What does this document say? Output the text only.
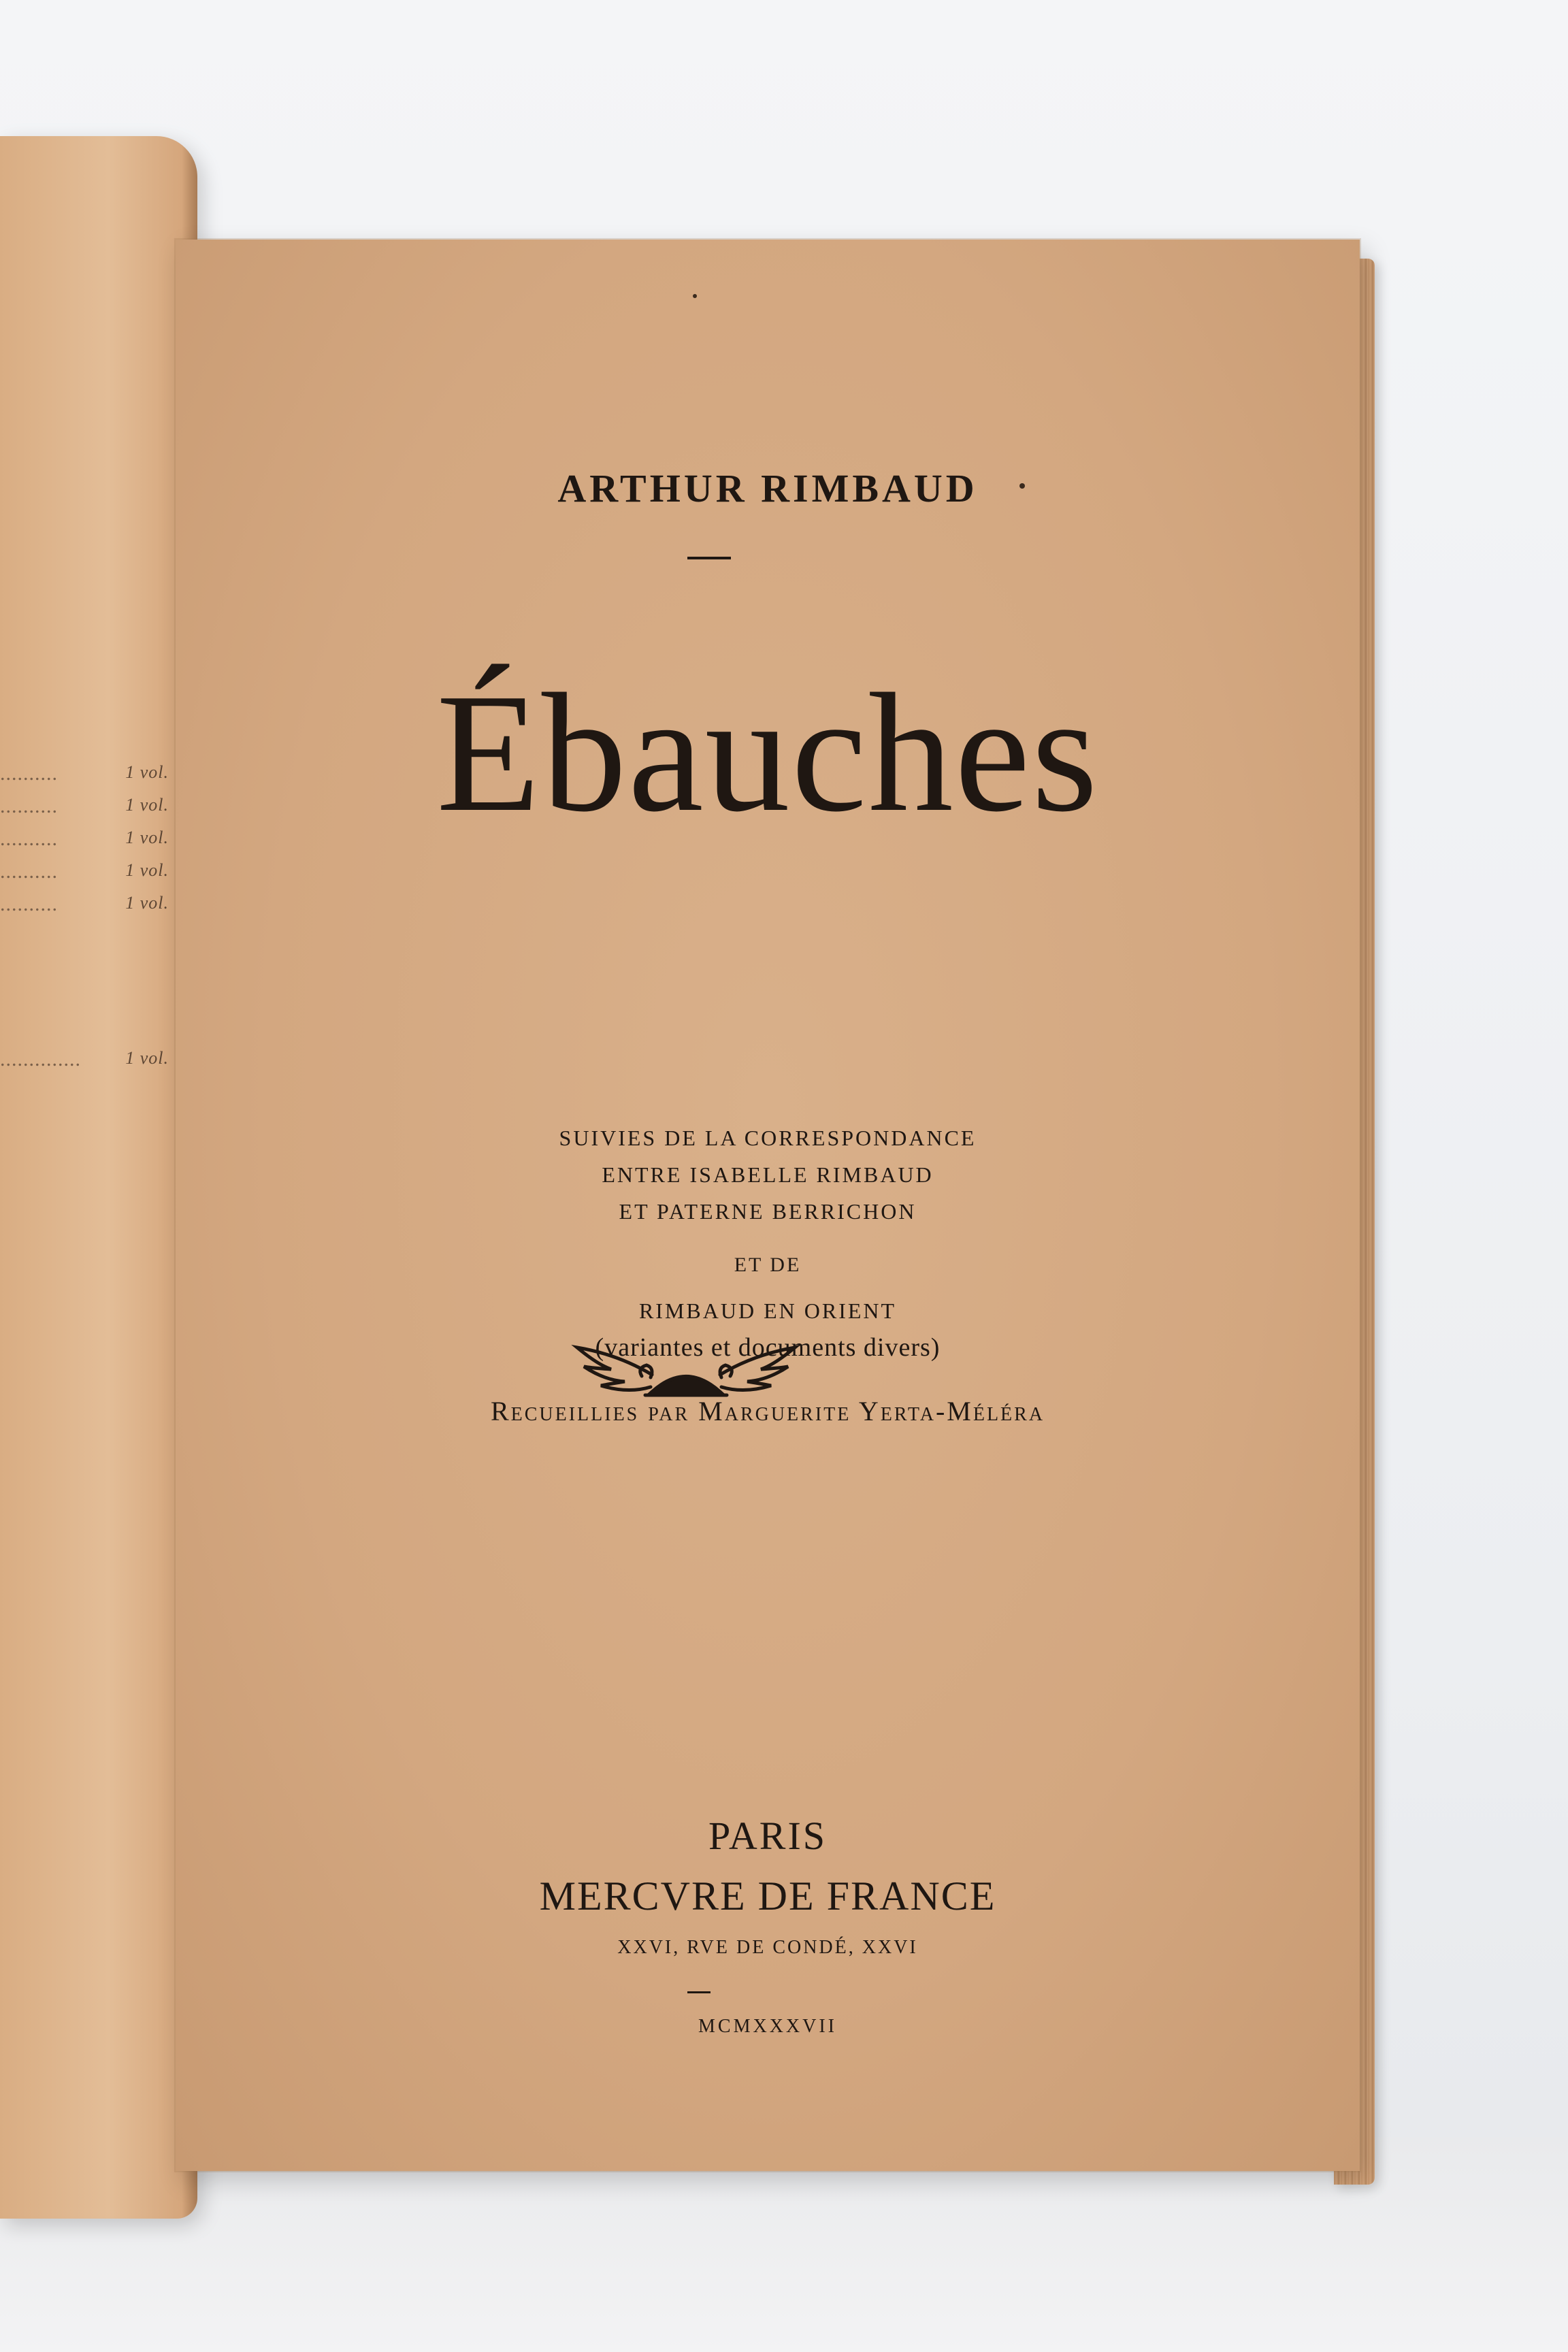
..........	1 vol.
..........	1 vol.
..........	1 vol.
..........	1 vol.
..........	1 vol.
..............	1 vol.
ARTHUR RIMBAUD
Ébauches
SUIVIES DE LA CORRESPONDANCE
ENTRE ISABELLE RIMBAUD
ET PATERNE BERRICHON
ET DE
RIMBAUD EN ORIENT
(variantes et documents divers)
Recueillies par Marguerite Yerta-Méléra
PARIS
MERCVRE DE FRANCE
XXVI, RVE DE CONDÉ, XXVI
MCMXXXVII
